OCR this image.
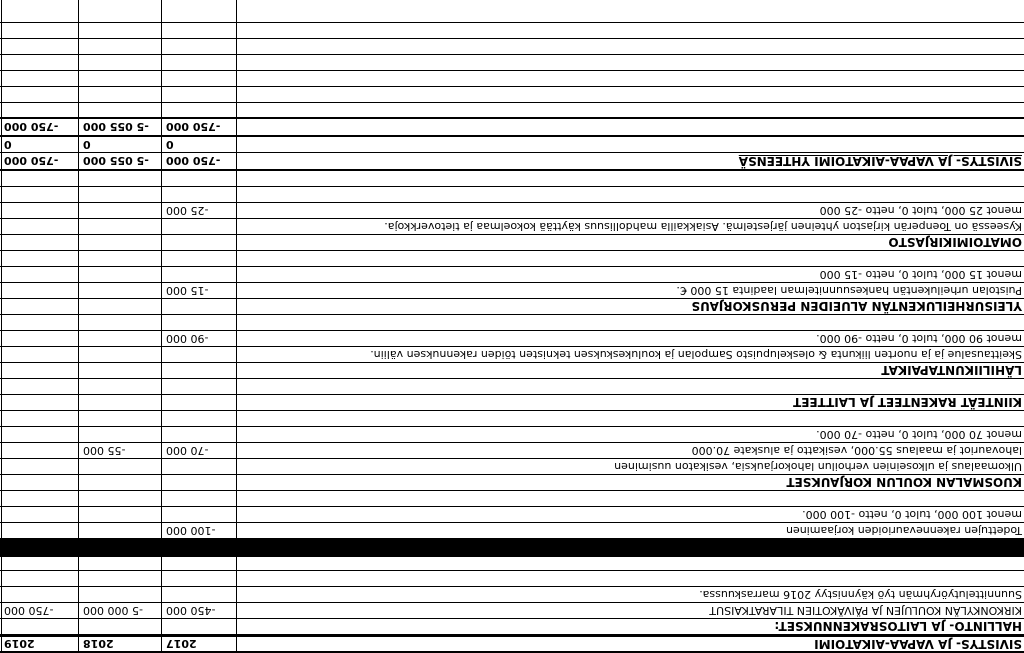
SIVISTYS- JA VAPAA-AIKATOIMI
2017
2018
2019
HALLINTO- JA LAITOSRAKENNUKSET:
KIRKONKYLÄN KOULUJEN JA PÄIVÄKOTIEN TILARATKAISUT
-450 000
-5 000 000
-750 000
Suunnittelutyöryhmän työ käynnistyy 2016 marraskuussa.
Todettujen rakennevaurioiden korjaaminen
-100 000
menot 100 000, tulot 0, netto -100 000.
KUOSMALAN KOULUN KORJAUKSET
Ulkomaalaus ja ulkoseinien verhoilun lahokorjauksia, vesikaton uusiminen
lahovauriot ja maalaus 55.000, vesikatto ja aluskate 70.000
-70 000
-55 000
menot 70 000, tulot 0, netto -70 000.
KIINTEÄT RAKENTEET JA LAITTEET
LÄHILIIKUNTAPAIKAT
Skeittausalue ja ja nuorten liikunta & oleskelupuisto Sampolan ja koulukeskuksen teknisten töiden rakennuksen väliin.
menot 90 000, tulot 0, netto -90 000.
-90 000
YLEISURHEILUKENTÄN ALUEIDEN PERUSKORJAUS
Puistolan urheilukentän hankesuunnitelman laadinta 15 000 €.
-15 000
menot 15 000, tulot 0, netto -15 000
OMATOIMIKIRJASTO
Kyseessä on Toenperän kirjaston yhteinen järjestelmä. Asiakkailla mahdollisuus käyttää kokoelmaa ja tietoverkkoja.
menot 25 000, tulot 0, netto -25 000
-25 000
SIVISTYS- JA VAPAA-AIKATOIMI YHTEENSÄ
-750 000
-5 055 000
-750 000
0
0
0
-750 000
-5 055 000
-750 000
